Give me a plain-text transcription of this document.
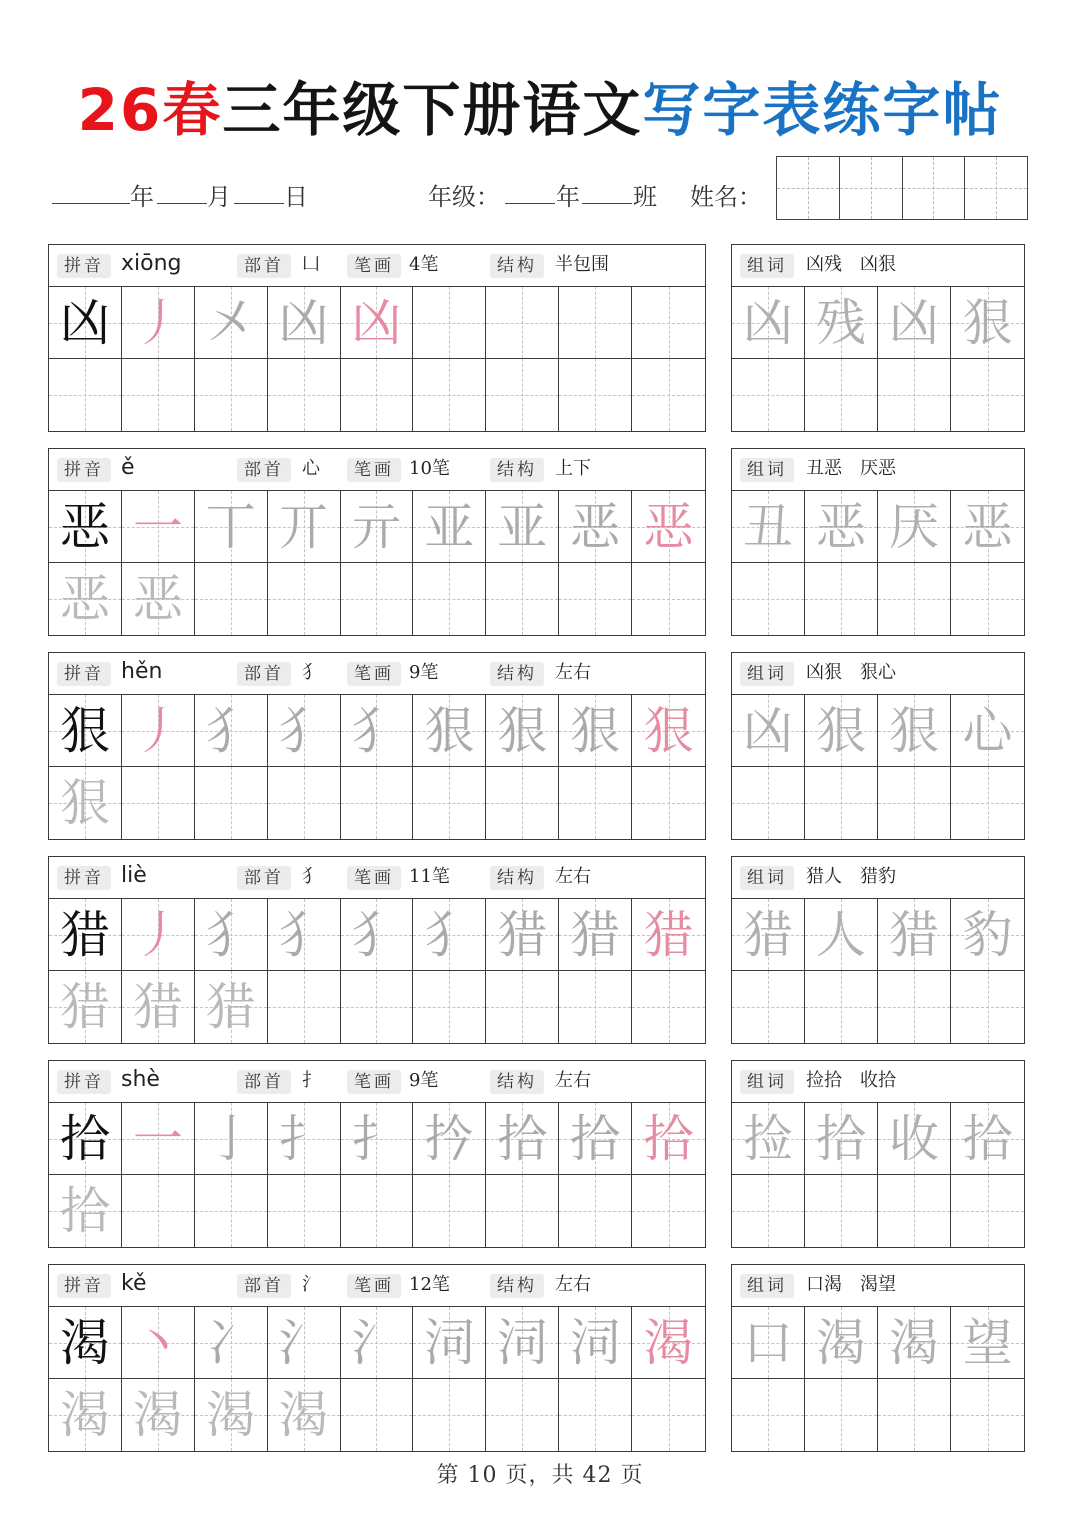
26春三年级下册语文写字表练字帖
年 月 日	年级： 年 班 姓名：
拼音 xiōng	部首	凵	笔画 4笔	结构	半包围
凶 丿 㐅 凶 凶
组词	凶残　凶狠
凶 残 凶 狠
拼音 ě	部首	心	笔画 10笔	结构	上下
恶 一 丅 丌 亓 亚 亚 恶 恶
恶 恶
组词	丑恶　厌恶
丑 恶 厌 恶
拼音 hěn	部首	犭	笔画 9笔	结构	左右
狠 丿 犭 犭 犭 狠 狠 狠 狠
狠
组词	凶狠　狠心
凶 狠 狠 心
拼音 liè	部首	犭	笔画 11笔	结构	左右
猎 丿 犭 犭 犭 犭 猎 猎 猎
猎 猎 猎
组词	猎人　猎豹
猎 人 猎 豹
拼音 shè	部首	扌	笔画 9笔	结构	左右
拾 一 亅 扌 扌 扲 拾 拾 拾
拾
组词	捡拾　收拾
捡 拾 收 拾
拼音 kě	部首	氵	笔画 12笔	结构	左右
渴 丶 冫 氵 氵 泀 泀 泀 渴
渴 渴 渴 渴
组词	口渴　渴望
口 渴 渴 望
第 10 页，共 42 页
